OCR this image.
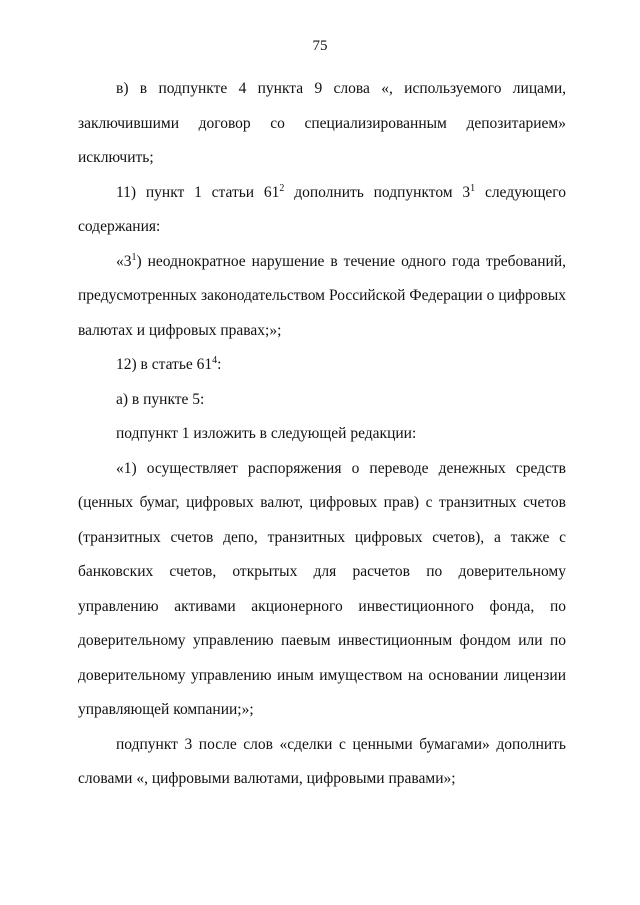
75

в) в подпункте 4 пункта 9 слова «, используемого лицами, заключившими договор со специализированным депозитарием» исключить;

11) пункт 1 статьи $61^2$ дополнить подпунктом $3^1$ следующего содержания:

«$3^1$) неоднократное нарушение в течение одного года требований, предусмотренных законодательством Российской Федерации о цифровых валютах и цифровых правах;»;

12) в статье $61^4$:

а) в пункте 5:

подпункт 1 изложить в следующей редакции:

«1) осуществляет распоряжения о переводе денежных средств (ценных бумаг, цифровых валют, цифровых прав) с транзитных счетов (транзитных счетов депо, транзитных цифровых счетов), а также с банковских счетов, открытых для расчетов по доверительному управлению активами акционерного инвестиционного фонда, по доверительному управлению паевым инвестиционным фондом или по доверительному управлению иным имуществом на основании лицензии управляющей компании;»;

подпункт 3 после слов «сделки с ценными бумагами» дополнить словами «, цифровыми валютами, цифровыми правами»;
